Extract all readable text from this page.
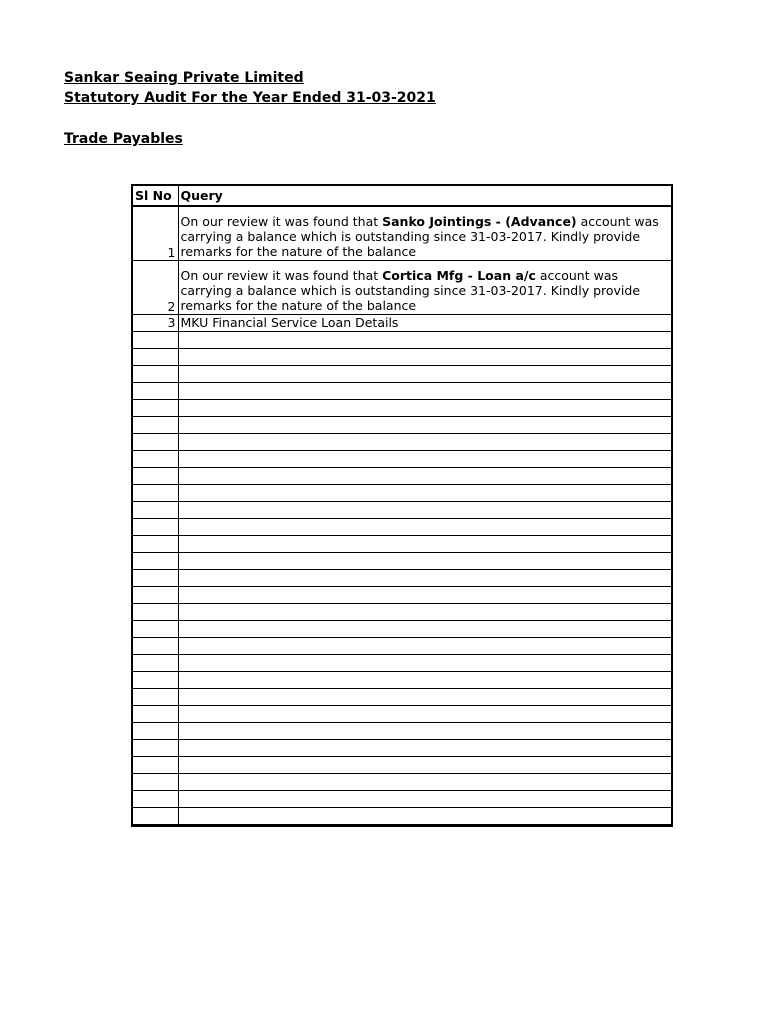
Sankar Seaing Private Limited
Statutory Audit For the Year Ended 31-03-2021
Trade Payables
Sl No	Query
1	On our review it was found that Sanko Jointings - (Advance) account was carrying a balance which is outstanding since 31-03-2017. Kindly provide remarks for the nature of the balance
2	On our review it was found that Cortica Mfg - Loan a/c account was carrying a balance which is outstanding since 31-03-2017. Kindly provide remarks for the nature of the balance
3	MKU Financial Service Loan Details
